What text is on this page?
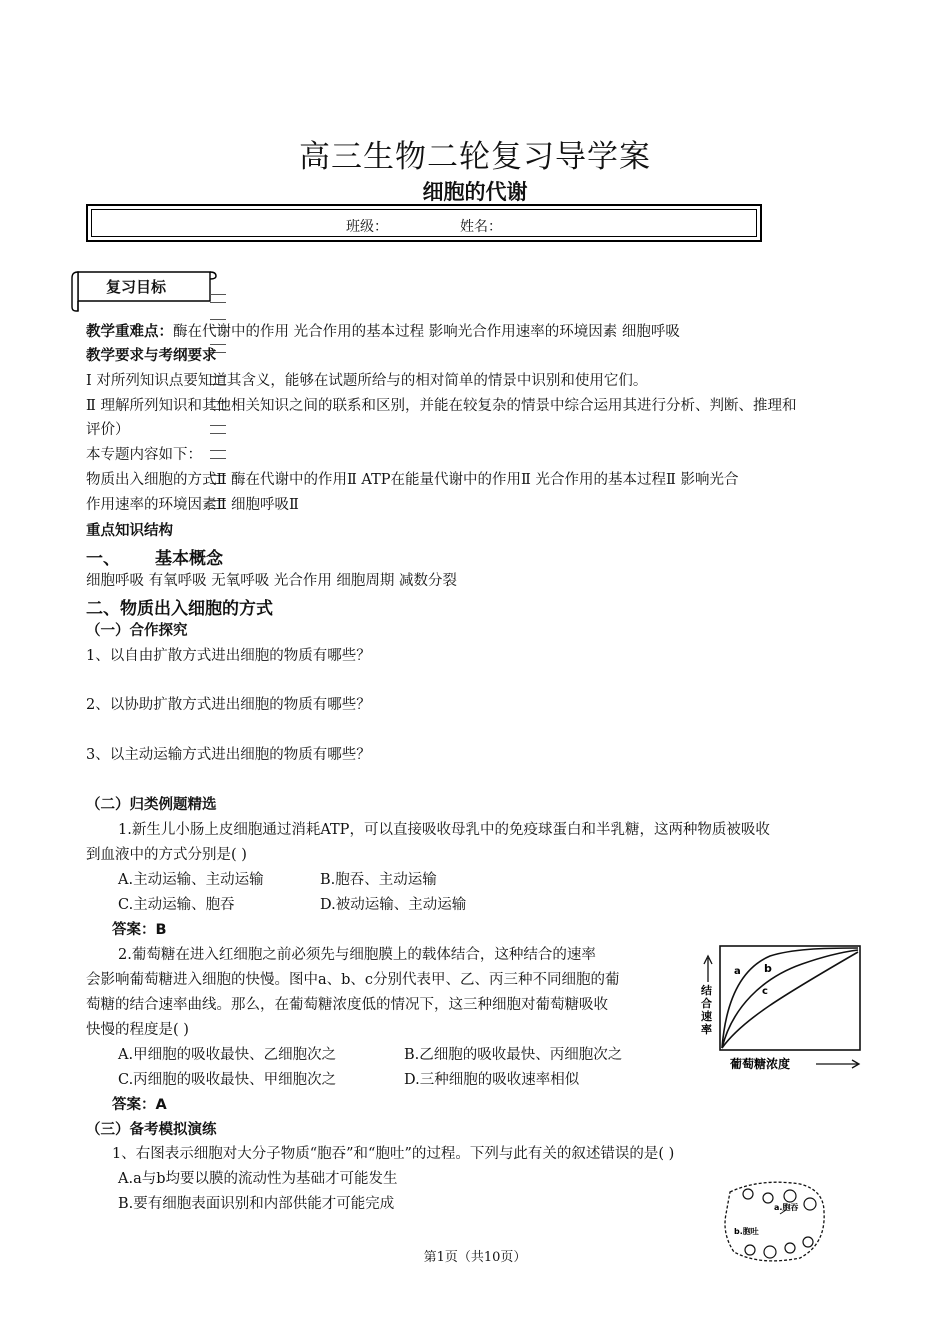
高三生物二轮复习导学案
细胞的代谢
班级：	姓名：
复习目标
教学重难点：酶在代谢中的作用 光合作用的基本过程 影响光合作用速率的环境因素 细胞呼吸
教学要求与考纲要求
Ⅰ 对所列知识点要知道其含义，能够在试题所给与的相对简单的情景中识别和使用它们。
Ⅱ 理解所列知识和其他相关知识之间的联系和区别，并能在较复杂的情景中综合运用其进行分析、判断、推理和
评价）
本专题内容如下：
物质出入细胞的方式Ⅱ 酶在代谢中的作用Ⅱ ATP在能量代谢中的作用Ⅱ 光合作用的基本过程Ⅱ 影响光合
作用速率的环境因素Ⅱ 细胞呼吸Ⅱ
重点知识结构
一、 基本概念
细胞呼吸 有氧呼吸 无氧呼吸 光合作用 细胞周期 减数分裂
二、物质出入细胞的方式
（一）合作探究
1、以自由扩散方式进出细胞的物质有哪些？
2、以协助扩散方式进出细胞的物质有哪些？
3、以主动运输方式进出细胞的物质有哪些？
（二）归类例题精选
1.新生儿小肠上皮细胞通过消耗ATP，可以直接吸收母乳中的免疫球蛋白和半乳糖，这两种物质被吸收
到血液中的方式分别是( )
A.主动运输、主动运输	B.胞吞、主动运输
C.主动运输、胞吞	D.被动运输、主动运输
答案：B
2.葡萄糖在进入红细胞之前必须先与细胞膜上的载体结合，这种结合的速率
会影响葡萄糖进入细胞的快慢。图中a、b、c分别代表甲、乙、丙三种不同细胞的葡
萄糖的结合速率曲线。那么，在葡萄糖浓度低的情况下，这三种细胞对葡萄糖吸收
快慢的程度是( )
A.甲细胞的吸收最快、乙细胞次之	B.乙细胞的吸收最快、丙细胞次之
C.丙细胞的吸收最快、甲细胞次之	D.三种细胞的吸收速率相似
答案：A
结
合
速
率
a b
c
葡萄糖浓度
（三）备考模拟演练
1、右图表示细胞对大分子物质“胞吞”和“胞吐”的过程。下列与此有关的叙述错误的是( )
A.a与b均要以膜的流动性为基础才可能发生
B.要有细胞表面识别和内部供能才可能完成	a.胞吞
b.胞吐
第1页（共10页）
